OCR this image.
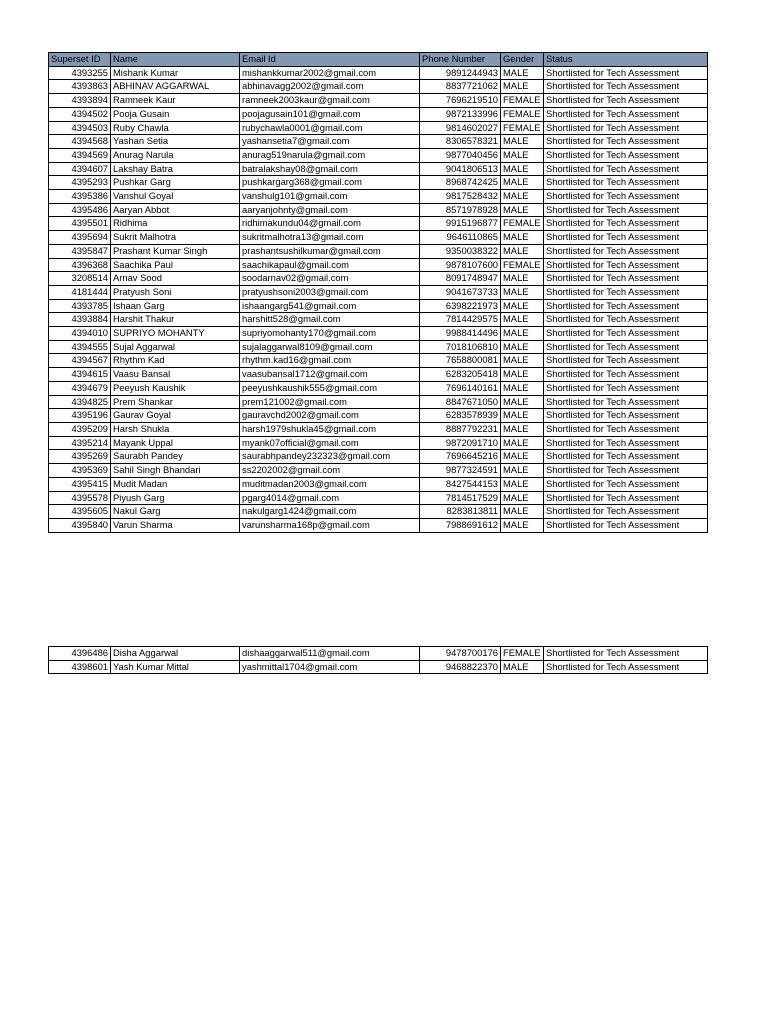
Superset ID	Name	Email Id	Phone Number	Gender	Status
4393255	Mishank Kumar	mishankkumar2002@gmail.com	9891244943	MALE	Shortlisted for Tech Assessment
4393863	ABHINAV AGGARWAL	abhinavagg2002@gmail.com	8837721062	MALE	Shortlisted for Tech Assessment
4393894	Ramneek Kaur	ramneek2003kaur@gmail.com	7696219510	FEMALE	Shortlisted for Tech Assessment
4394502	Pooja Gusain	poojagusain101@gmail.com	9872133996	FEMALE	Shortlisted for Tech Assessment
4394503	Ruby Chawla	rubychawla0001@gmail.com	9814602027	FEMALE	Shortlisted for Tech Assessment
4394568	Yashan Setia	yashansetia7@gmail.com	8306578321	MALE	Shortlisted for Tech Assessment
4394569	Anurag Narula	anurag519narula@gmail.com	9877040456	MALE	Shortlisted for Tech Assessment
4394607	Lakshay Batra	batralakshay08@gmail.com	9041806513	MALE	Shortlisted for Tech Assessment
4395293	Pushkar Garg	pushkargarg368@gmail.com	8968742425	MALE	Shortlisted for Tech Assessment
4395386	Vanshul Goyal	vanshulg101@gmail.com	9817528432	MALE	Shortlisted for Tech Assessment
4395486	Aaryan Abbot	aaryanjohnty@gmail.com	8571978928	MALE	Shortlisted for Tech Assessment
4395501	Ridhima	ridhimakundu04@gmail.com	9915196877	FEMALE	Shortlisted for Tech Assessment
4395694	Sukrit Malhotra	sukritmalhotra13@gmail.com	9646110865	MALE	Shortlisted for Tech Assessment
4395847	Prashant Kumar Singh	prashantsushilkumar@gmail.com	9350038322	MALE	Shortlisted for Tech Assessment
4396368	Saachika Paul	saachikapaul@gmail.com	9878107600	FEMALE	Shortlisted for Tech Assessment
3208514	Arnav Sood	soodarnav02@gmail.com	8091748947	MALE	Shortlisted for Tech Assessment
4181444	Pratyush Soni	pratyushsoni2003@gmail.com	9041673733	MALE	Shortlisted for Tech Assessment
4393785	Ishaan Garg	ishaangarg541@gmail.com	6398221973	MALE	Shortlisted for Tech Assessment
4393884	Harshit Thakur	harshitt528@gmail.com	7814429575	MALE	Shortlisted for Tech Assessment
4394010	SUPRIYO MOHANTY	supriyomohanty170@gmail.com	9988414496	MALE	Shortlisted for Tech Assessment
4394555	Sujal Aggarwal	sujalaggarwal8109@gmail.com	7018106810	MALE	Shortlisted for Tech Assessment
4394567	Rhythm Kad	rhythm.kad16@gmail.com	7658800081	MALE	Shortlisted for Tech Assessment
4394615	Vaasu Bansal	vaasubansal1712@gmail.com	6283205418	MALE	Shortlisted for Tech Assessment
4394679	Peeyush Kaushik	peeyushkaushik555@gmail.com	7696140161	MALE	Shortlisted for Tech Assessment
4394825	Prem Shankar	prem121002@gmail.com	8847671050	MALE	Shortlisted for Tech Assessment
4395196	Gaurav Goyal	gauravchd2002@gmail.com	6283578939	MALE	Shortlisted for Tech Assessment
4395209	Harsh Shukla	harsh1979shukla45@gmail.com	8887792231	MALE	Shortlisted for Tech Assessment
4395214	Mayank Uppal	myank07official@gmail.com	9872091710	MALE	Shortlisted for Tech Assessment
4395269	Saurabh Pandey	saurabhpandey232323@gmail.com	7696645216	MALE	Shortlisted for Tech Assessment
4395369	Sahil Singh Bhandari	ss2202002@gmail.com	9877324591	MALE	Shortlisted for Tech Assessment
4395415	Mudit Madan	muditmadan2003@gmail.com	8427544153	MALE	Shortlisted for Tech Assessment
4395578	Piyush Garg	pgarg4014@gmail.com	7814517529	MALE	Shortlisted for Tech Assessment
4395605	Nakul Garg	nakulgarg1424@gmail.com	8283813811	MALE	Shortlisted for Tech Assessment
4395840	Varun Sharma	varunsharma168p@gmail.com	7988691612	MALE	Shortlisted for Tech Assessment
4396486	Disha Aggarwal	dishaaggarwal511@gmail.com	9478700176	FEMALE	Shortlisted for Tech Assessment
4398601	Yash Kumar Mittal	yashmittal1704@gmail.com	9468822370	MALE	Shortlisted for Tech Assessment
